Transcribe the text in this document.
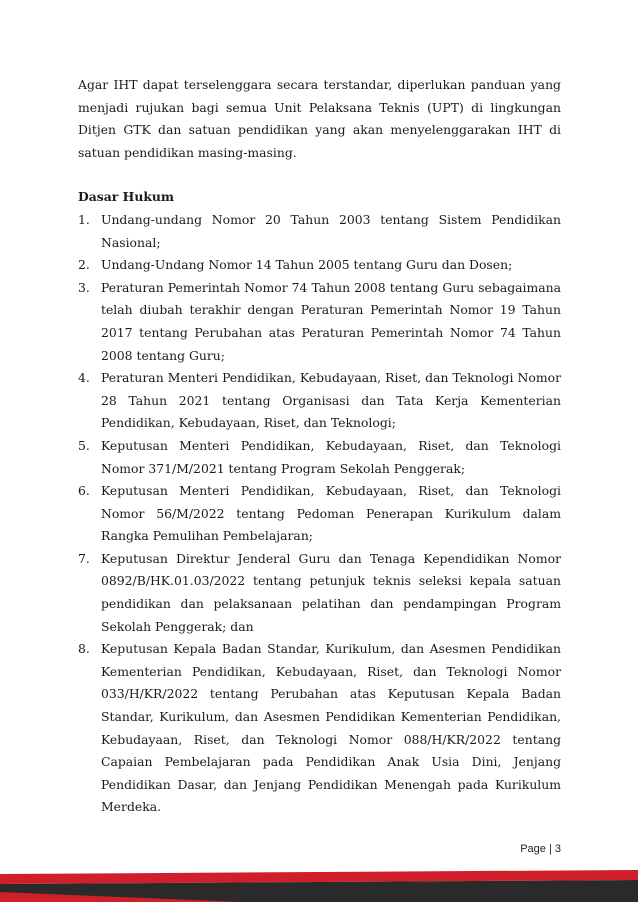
Agar IHT dapat terselenggara secara terstandar, diperlukan panduan yang menjadi rujukan bagi semua Unit Pelaksana Teknis (UPT) di lingkungan Ditjen GTK dan satuan pendidikan yang akan menyelenggarakan IHT di satuan pendidikan masing-masing.

Dasar Hukum
1. Undang-undang Nomor 20 Tahun 2003 tentang Sistem Pendidikan Nasional;
2. Undang-Undang Nomor 14 Tahun 2005 tentang Guru dan Dosen;
3. Peraturan Pemerintah Nomor 74 Tahun 2008 tentang Guru sebagaimana telah diubah terakhir dengan Peraturan Pemerintah Nomor 19 Tahun 2017 tentang Perubahan atas Peraturan Pemerintah Nomor 74 Tahun 2008 tentang Guru;
4. Peraturan Menteri Pendidikan, Kebudayaan, Riset, dan Teknologi Nomor 28 Tahun 2021 tentang Organisasi dan Tata Kerja Kementerian Pendidikan, Kebudayaan, Riset, dan Teknologi;
5. Keputusan Menteri Pendidikan, Kebudayaan, Riset, dan Teknologi Nomor 371/M/2021 tentang Program Sekolah Penggerak;
6. Keputusan Menteri Pendidikan, Kebudayaan, Riset, dan Teknologi Nomor 56/M/2022 tentang Pedoman Penerapan Kurikulum dalam Rangka Pemulihan Pembelajaran;
7. Keputusan Direktur Jenderal Guru dan Tenaga Kependidikan Nomor 0892/B/HK.01.03/2022 tentang petunjuk teknis seleksi kepala satuan pendidikan dan pelaksanaan pelatihan dan pendampingan Program Sekolah Penggerak; dan
8. Keputusan Kepala Badan Standar, Kurikulum, dan Asesmen Pendidikan Kementerian Pendidikan, Kebudayaan, Riset, dan Teknologi Nomor 033/H/KR/2022 tentang Perubahan atas Keputusan Kepala Badan Standar, Kurikulum, dan Asesmen Pendidikan Kementerian Pendidikan, Kebudayaan, Riset, dan Teknologi Nomor 088/H/KR/2022 tentang Capaian Pembelajaran pada Pendidikan Anak Usia Dini, Jenjang Pendidikan Dasar, dan Jenjang Pendidikan Menengah pada Kurikulum Merdeka.
Page | 3
